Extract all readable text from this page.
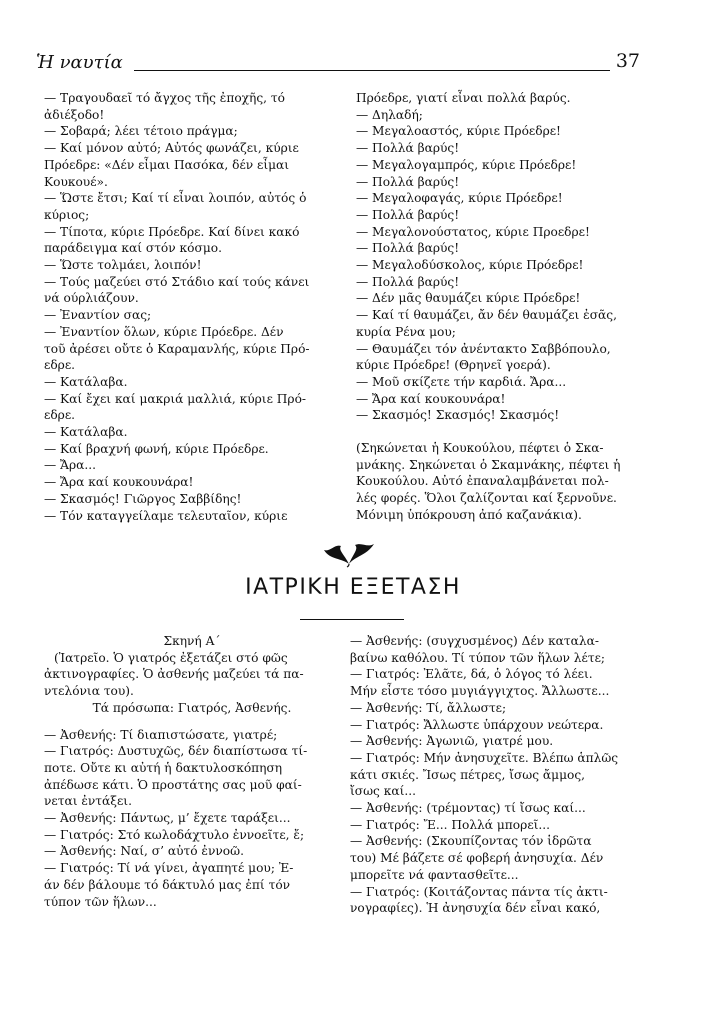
Ἡ ναυτία	37

— Τραγουδαεῖ τό ἄγχος τῆς ἐποχῆς, τό

ἀδιέξοδο!

— Σοβαρά; λέει τέτοιο πράγμα;

— Καί μόνον αὐτό; Αὐτός φωνάζει, κύριε

Πρόεδρε: «Δέν εἶμαι Πασόκα, δέν εἶμαι

Κουκουέ».

— Ὥστε ἔτσι; Καί τί εἶναι λοιπόν, αὐτός ὁ

κύριος;

— Τίποτα, κύριε Πρόεδρε. Καί δίνει κακό

παράδειγμα καί στόν κόσμο.

— Ὥστε τολμάει, λοιπόν!

— Τούς μαζεύει στό Στάδιο καί τούς κάνει

νά ούρλιάζουν.

— Ἐναντίον σας;

— Ἐναντίον ὅλων, κύριε Πρόεδρε. Δέν

τοῦ ἀρέσει οὔτε ὁ Καραμανλής, κύριε Πρό-

εδρε.

— Κατάλαβα.

— Καί ἔχει καί μακριά μαλλιά, κύριε Πρό-

εδρε.

— Κατάλαβα.

— Καί βραχνή φωνή, κύριε Πρόεδρε.

— Ἄρα...

— Ἄρα καί κουκουνάρα!

— Σκασμός! Γιῶργος Σαββίδης!

— Τόν καταγγείλαμε τελευταῖον, κύριε

Πρόεδρε, γιατί εἶναι πολλά βαρύς.

— Δηλαδή;

— Μεγαλοαστός, κύριε Πρόεδρε!

— Πολλά βαρύς!

— Μεγαλογαμπρός, κύριε Πρόεδρε!

— Πολλά βαρύς!

— Μεγαλοφαγάς, κύριε Πρόεδρε!

— Πολλά βαρύς!

— Μεγαλονούστατος, κύριε Προεδρε!

— Πολλά βαρύς!

— Μεγαλοδύσκολος, κύριε Πρόεδρε!

— Πολλά βαρύς!

— Δέν μᾶς θαυμάζει κύριε Πρόεδρε!

— Καί τί θαυμάζει, ἄν δέν θαυμάζει ἐσᾶς,

κυρία Ρένα μου;

— Θαυμάζει τόν ἀνέντακτο Σαββόπουλο,

κύριε Πρόεδρε! (Θρηνεῖ γοερά).

— Μοῦ σκίζετε τήν καρδιά. Ἄρα...

— Ἄρα καί κουκουνάρα!

— Σκασμός! Σκασμός! Σκασμός!

(Σηκώνεται ἡ Κουκούλου, πέφτει ὁ Σκα-

μνάκης. Σηκώνεται ὁ Σκαμνάκης, πέφτει ἡ

Κουκούλου. Αὐτό ἐπαναλαμβάνεται πολ-

λές φορές. Ὅλοι ζαλίζονται καί ξερνοῦνε.

Μόνιμη ὑπόκρουση ἀπό καζανάκια).

ΙΑΤΡΙΚΗ ΕΞΕΤΑΣΗ

Σκηνή Α΄

(Ἰατρεῖο. Ὁ γιατρός ἐξετάζει στό φῶς

ἀκτινογραφίες. Ὁ ἀσθενής μαζεύει τά πα-

ντελόνια του).

Τά πρόσωπα: Γιατρός, Ἀσθενής.

— Ἀσθενής: Τί διαπιστώσατε, γιατρέ;

— Γιατρός: Δυστυχῶς, δέν διαπίστωσα τί-

ποτε. Οὔτε κι αὐτή ἡ δακτυλοσκόπηση

ἀπέδωσε κάτι. Ὁ προστάτης σας μοῦ φαί-

νεται ἐντάξει.

— Ἀσθενής: Πάντως, μ’ ἔχετε ταράξει...

— Γιατρός: Στό κωλοδάχτυλο ἐννοεῖτε, ἔ;

— Ἀσθενής: Ναί, σ’ αὐτό ἐννοῶ.

— Γιατρός: Τί νά γίνει, ἀγαπητέ μου; Ἐ-

άν δέν βάλουμε τό δάκτυλό μας ἐπί τόν

τύπον τῶν ἥλων...

— Ἀσθενής: (συγχυσμένος) Δέν καταλα-

βαίνω καθόλου. Τί τύπον τῶν ἥλων λέτε;

— Γιατρός: Ἐλᾶτε, δά, ὁ λόγος τό λέει.

Μήν εἶστε τόσο μυγιάγγιχτος. Ἄλλωστε...

— Ἀσθενής: Τί, ἄλλωστε;

— Γιατρός: Ἄλλωστε ὑπάρχουν νεώτερα.

— Ἀσθενής: Ἀγωνιῶ, γιατρέ μου.

— Γιατρός: Μήν ἀνησυχεῖτε. Βλέπω ἁπλῶς

κάτι σκιές. Ἴσως πέτρες, ἴσως ἄμμος,

ἴσως καί...

— Ἀσθενής: (τρέμοντας) τί ἴσως καί...

— Γιατρός: Ἔ... Πολλά μπορεῖ...

— Ἀσθενής: (Σκουπίζοντας τόν ἱδρῶτα

του) Μέ βάζετε σέ φοβερή ἀνησυχία. Δέν

μπορεῖτε νά φαντασθεῖτε...

— Γιατρός: (Κοιτάζοντας πάντα τίς ἀκτι-

νογραφίες). Ἡ ἀνησυχία δέν εἶναι κακό,
